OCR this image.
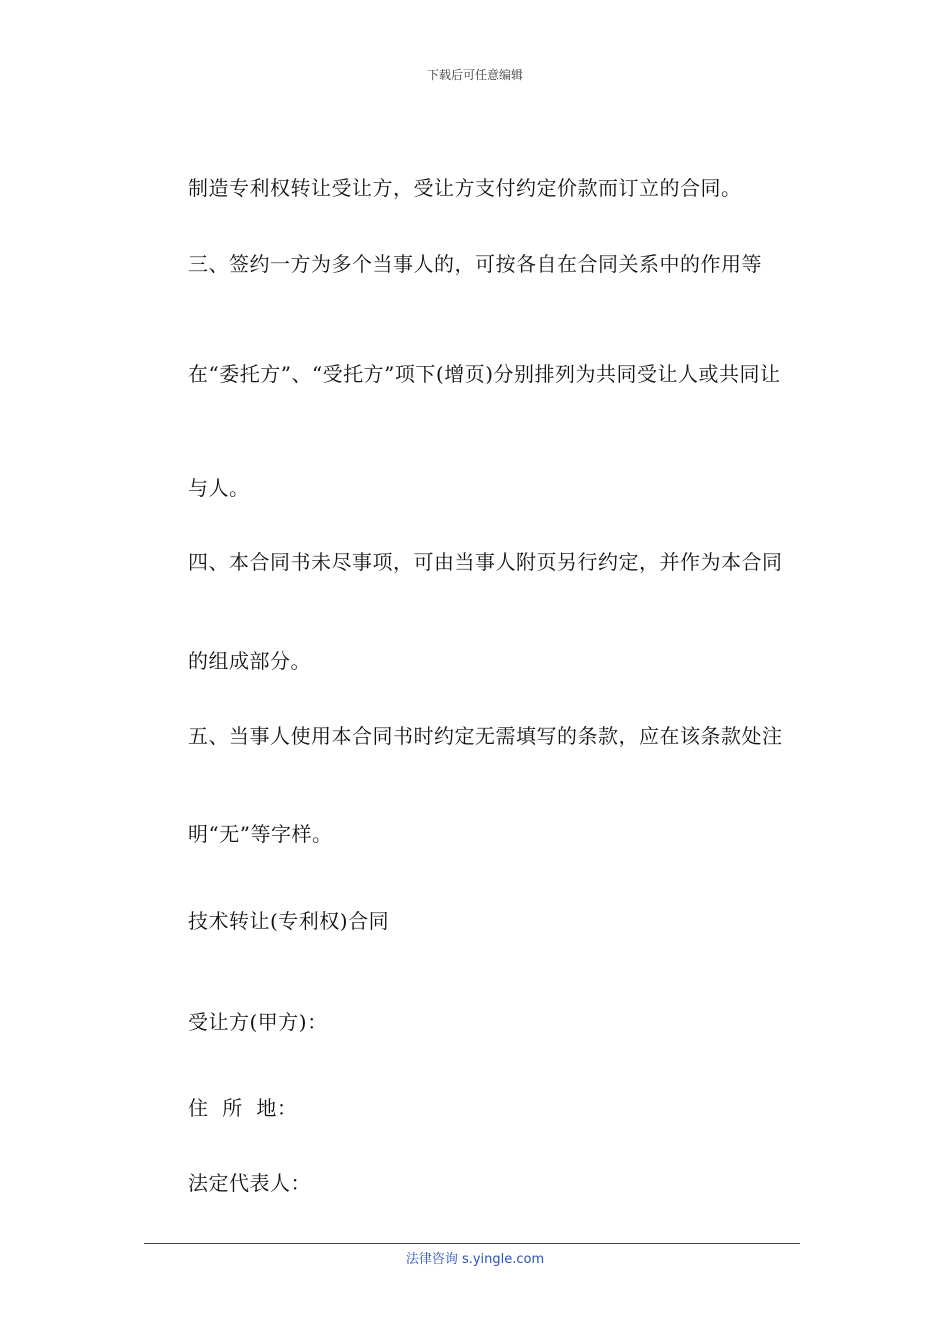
下载后可任意编辑
制造专利权转让受让方，受让方支付约定价款而订立的合同。
三、签约一方为多个当事人的，可按各自在合同关系中的作用等
在“委托方”、“受托方”项下(增页)分别排列为共同受让人或共同让
与人。
四、本合同书未尽事项，可由当事人附页另行约定，并作为本合同
的组成部分。
五、当事人使用本合同书时约定无需填写的条款，应在该条款处注
明“无”等字样。
技术转让(专利权)合同
受让方(甲方)：
住  所  地：
法定代表人：
法律咨询 s.yingle.com
